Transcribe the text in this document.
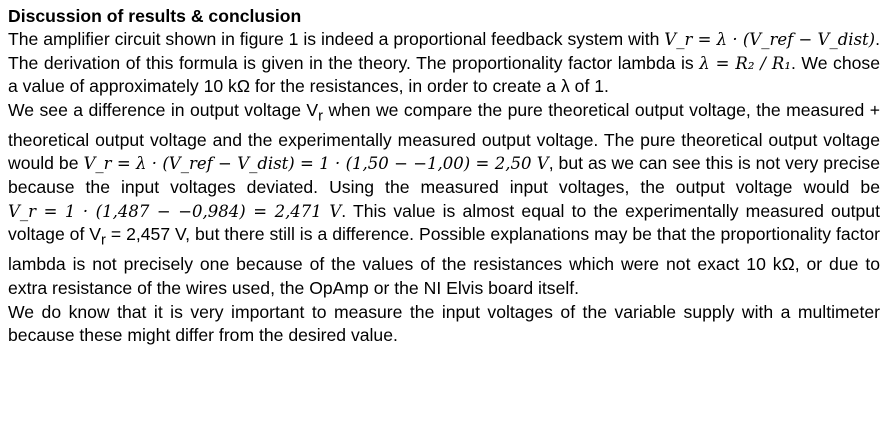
Discussion of results & conclusion

The amplifier circuit shown in figure 1 is indeed a proportional feedback system with V_r = λ · (V_ref − V_dist). The derivation of this formula is given in the theory. The proportionality factor lambda is λ = R₂ / R₁. We chose a value of approximately 10 kΩ for the resistances, in order to create a λ of 1.

We see a difference in output voltage $V_r$ when we compare the pure theoretical output voltage, the measured + theoretical output voltage and the experimentally measured output voltage. The pure theoretical output voltage would be V_r = λ · (V_ref − V_dist) = 1 · (1,50 − −1,00) = 2,50 V, but as we can see this is not very precise because the input voltages deviated. Using the measured input voltages, the output voltage would be V_r = 1 · (1,487 − −0,984) = 2,471 V. This value is almost equal to the experimentally measured output voltage of $V_r = 2,457$ V, but there still is a difference. Possible explanations may be that the proportionality factor lambda is not precisely one because of the values of the resistances which were not exact 10 kΩ, or due to extra resistance of the wires used, the OpAmp or the NI Elvis board itself.

We do know that it is very important to measure the input voltages of the variable supply with a multimeter because these might differ from the desired value.
